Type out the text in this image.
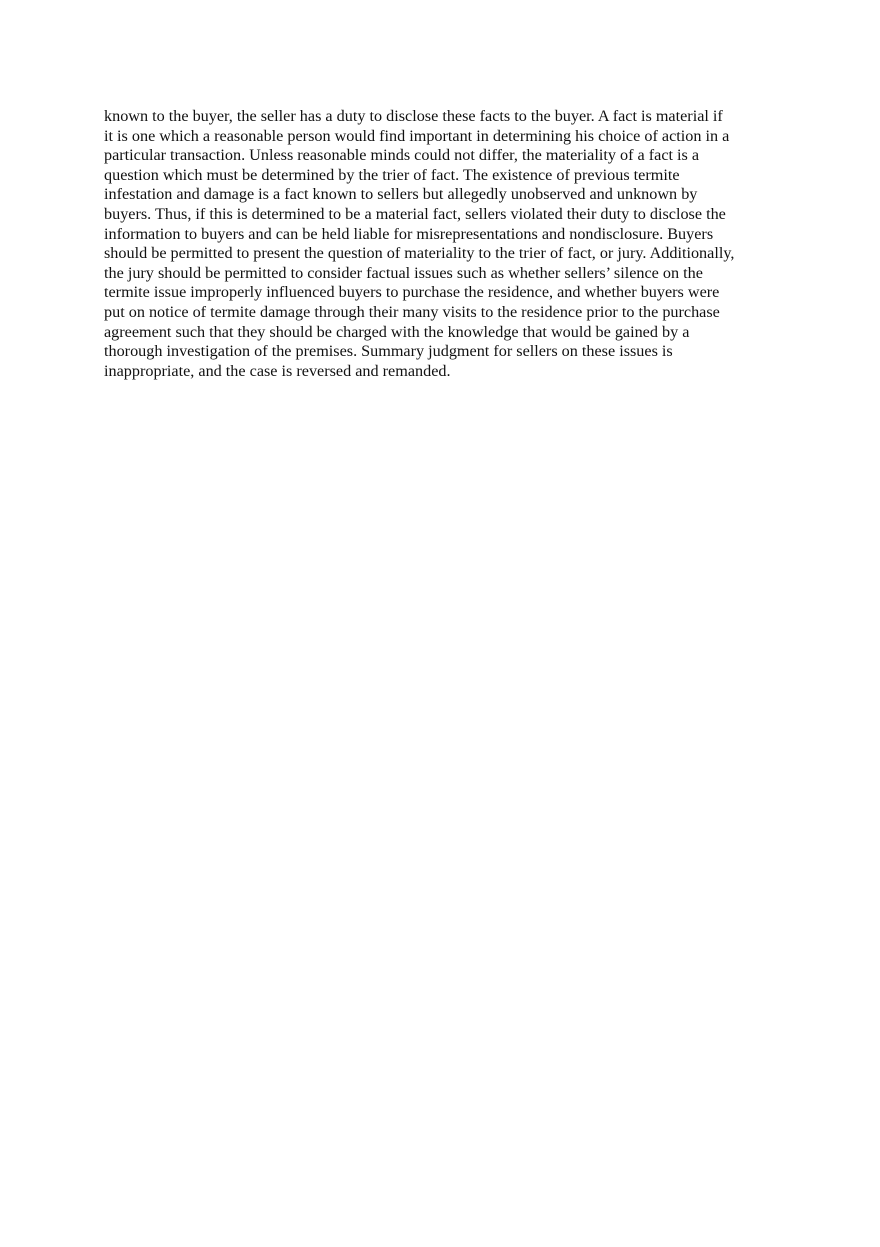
known to the buyer, the seller has a duty to disclose these facts to the buyer. A fact is material if
it is one which a reasonable person would find important in determining his choice of action in a
particular transaction. Unless reasonable minds could not differ, the materiality of a fact is a
question which must be determined by the trier of fact. The existence of previous termite
infestation and damage is a fact known to sellers but allegedly unobserved and unknown by
buyers. Thus, if this is determined to be a material fact, sellers violated their duty to disclose the
information to buyers and can be held liable for misrepresentations and nondisclosure. Buyers
should be permitted to present the question of materiality to the trier of fact, or jury. Additionally,
the jury should be permitted to consider factual issues such as whether sellers’ silence on the
termite issue improperly influenced buyers to purchase the residence, and whether buyers were
put on notice of termite damage through their many visits to the residence prior to the purchase
agreement such that they should be charged with the knowledge that would be gained by a
thorough investigation of the premises. Summary judgment for sellers on these issues is
inappropriate, and the case is reversed and remanded.
